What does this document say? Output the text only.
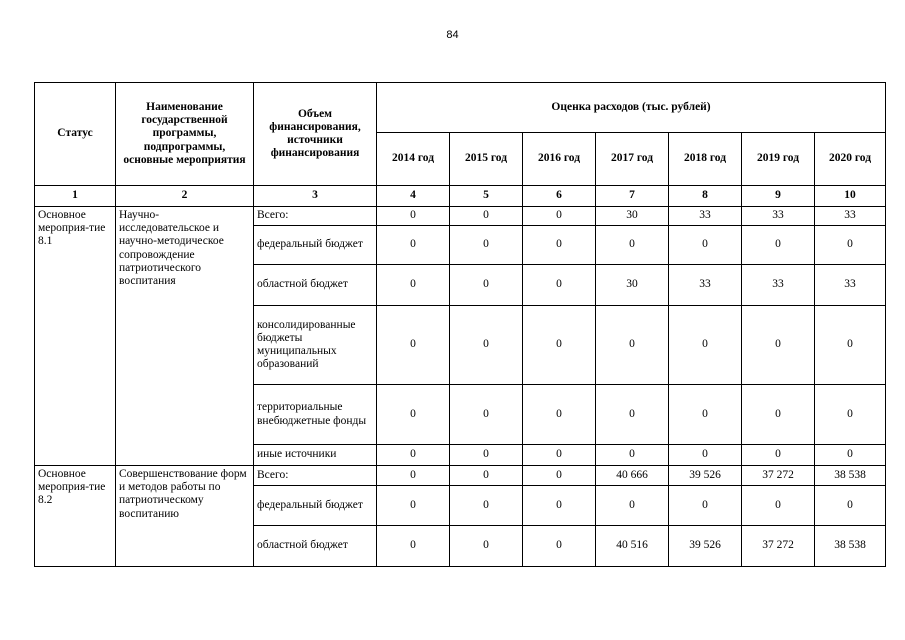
84
Статус	Наименование государственной программы, подпрограммы, основные мероприятия	Объем финансирования, источники финансирования	Оценка расходов (тыс. рублей)						
			2014 год	2015 год	2016 год	2017 год	2018 год	2019 год	2020 год
1	2	3	4	5	6	7	8	9	10
Основное мероприя-тие 8.1	Научно-исследовательское и научно-методическое сопровождение патриотического воспитания	Всего:	0	0	0	30	33	33	33
		федеральный бюджет	0	0	0	0	0	0	0
		областной бюджет	0	0	0	30	33	33	33
		консолидированные бюджеты муниципальных образований	0	0	0	0	0	0	0
		территориальные внебюджетные фонды	0	0	0	0	0	0	0
		иные источники	0	0	0	0	0	0	0
Основное мероприя-тие 8.2	Совершенствование форм и методов работы по патриотическому воспитанию	Всего:	0	0	0	40 666	39 526	37 272	38 538
		федеральный бюджет	0	0	0	0	0	0	0
		областной бюджет	0	0	0	40 516	39 526	37 272	38 538
